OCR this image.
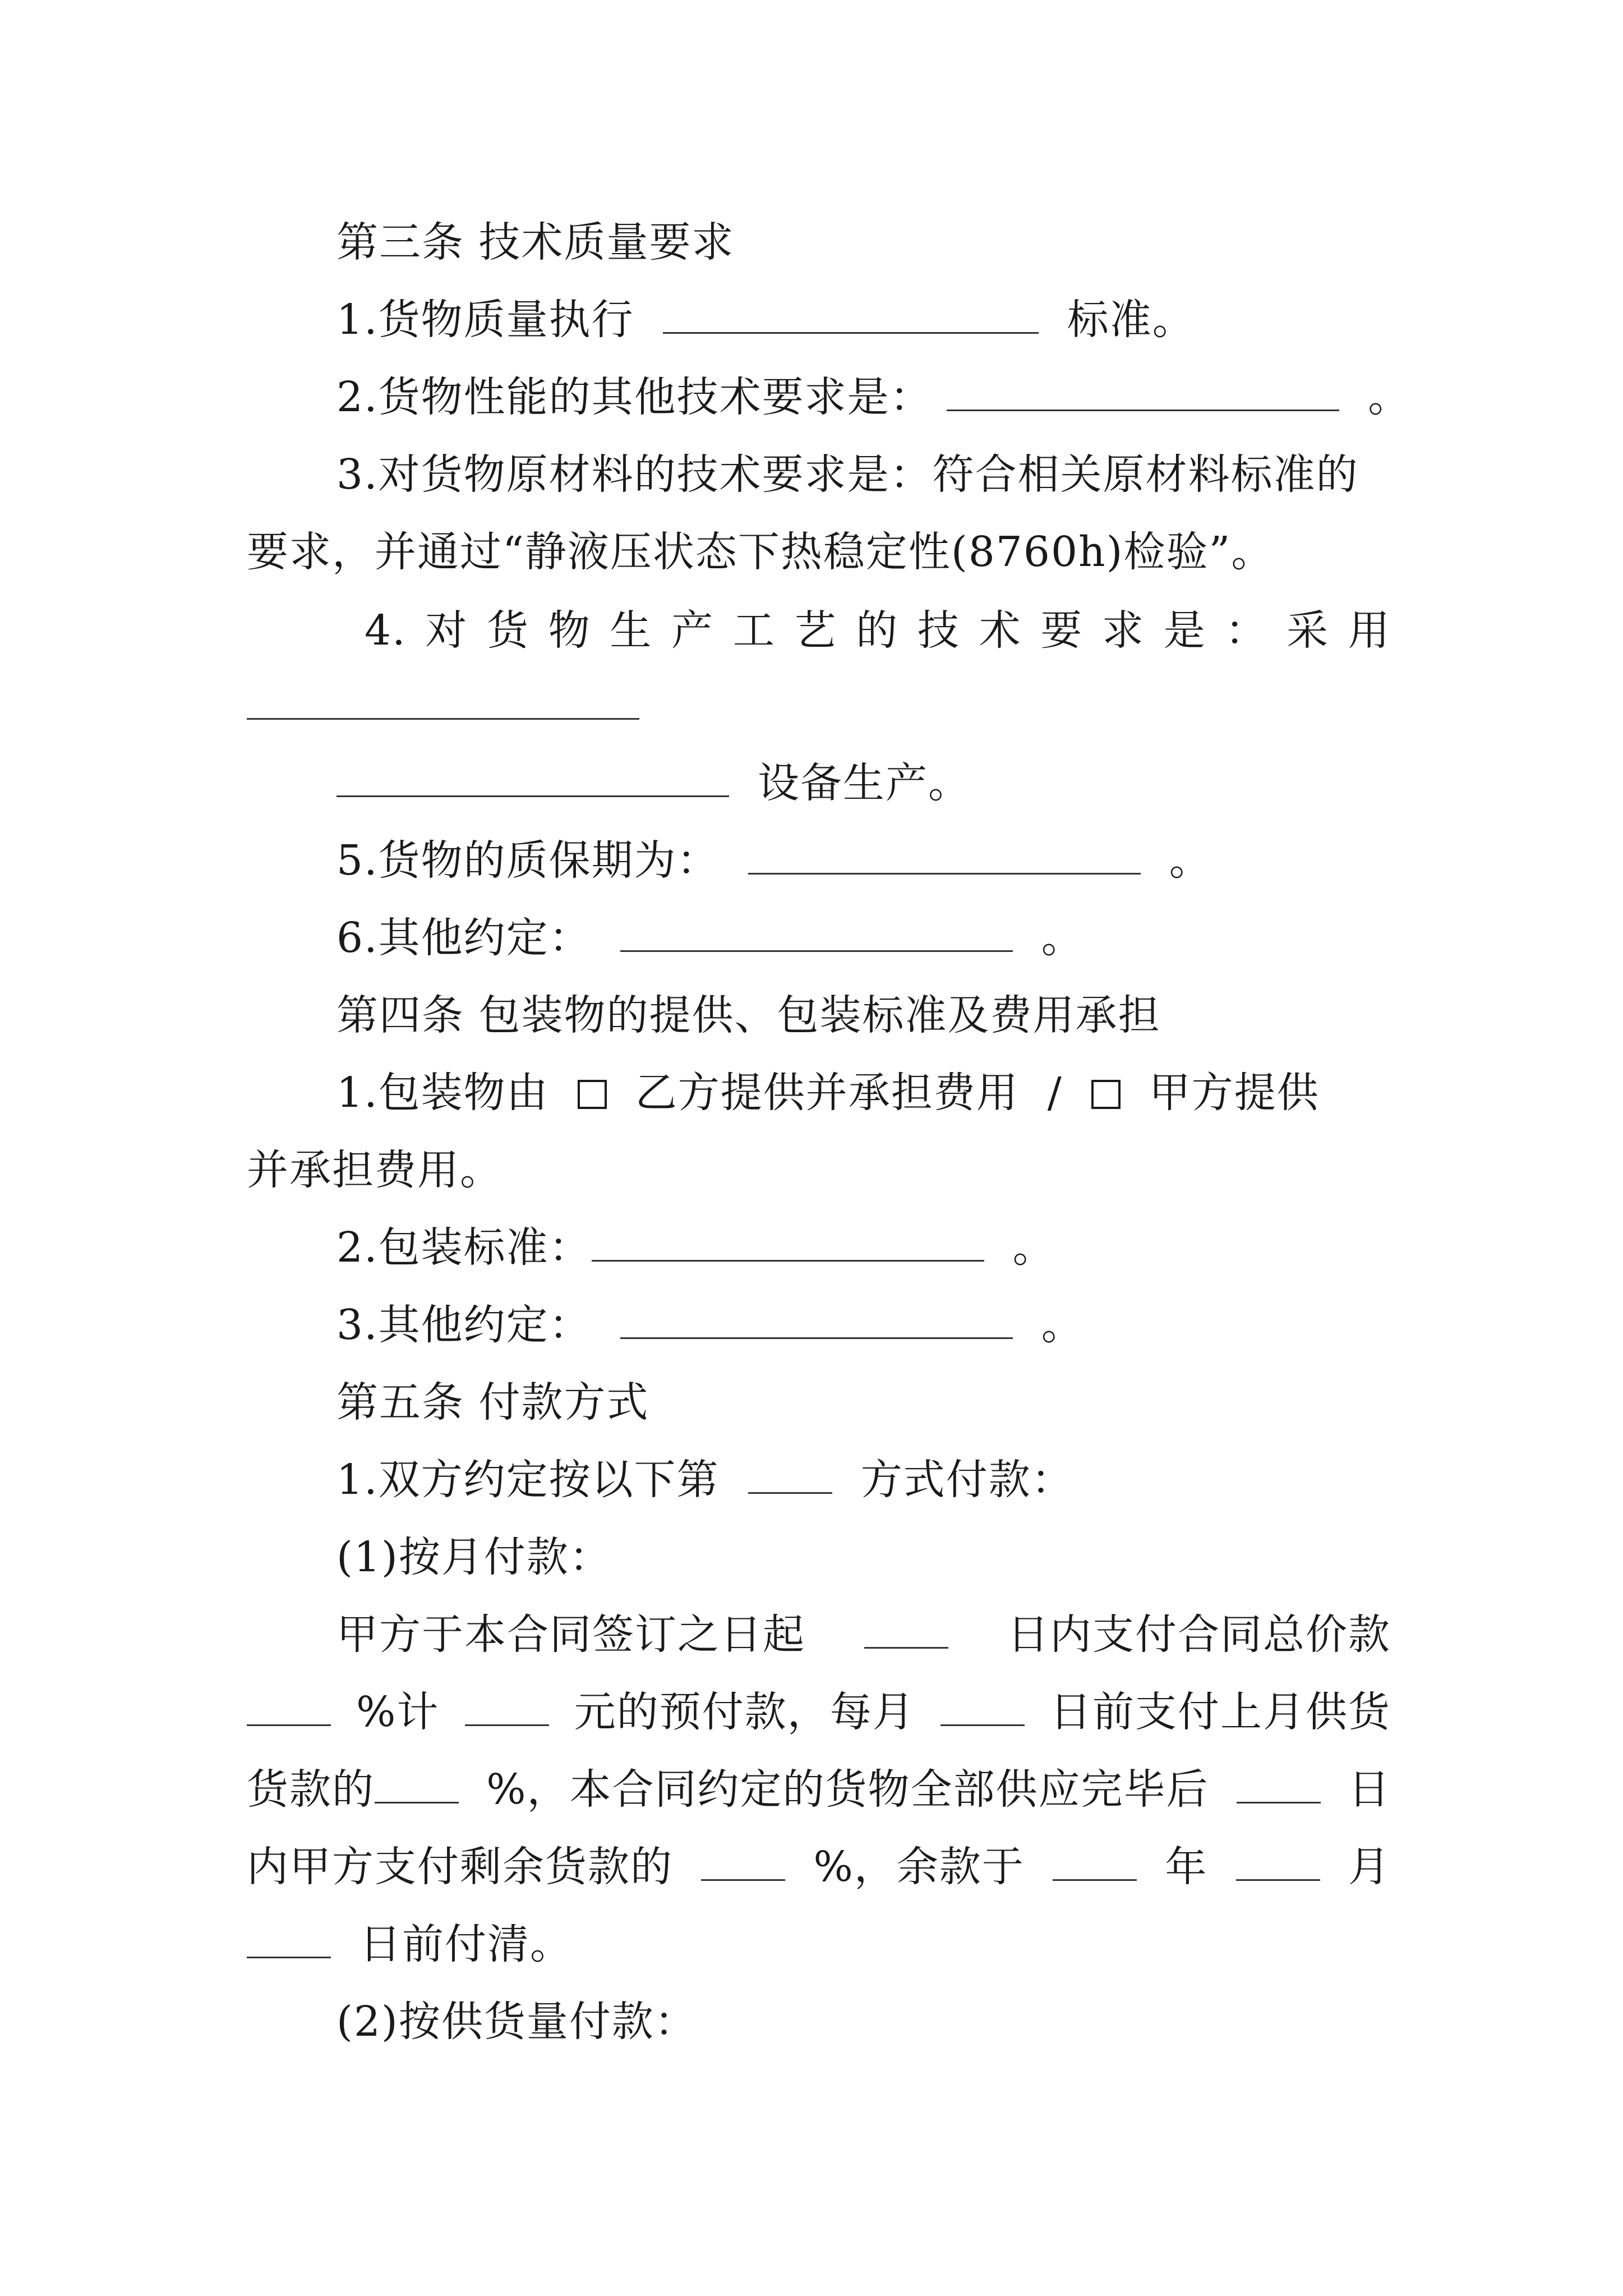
第三条 技术质量要求
1.货物质量执行	标准。
2.货物性能的其他技术要求是：	。
3.对货物原材料的技术要求是：符合相关原材料标准的
要求，并通过“静液压状态下热稳定性(8760h)检验”。
4. 对 货 物 生 产 工 艺 的 技 术 要 求 是 ： 采 用
设备生产。
5.货物的质保期为：	。
6.其他约定：	。
第四条 包装物的提供、包装标准及费用承担
1.包装物由 乙方提供并承担费用 / 甲方提供
并承担费用。
2.包装标准：	。
3.其他约定：	。
第五条 付款方式
1.双方约定按以下第	方式付款：
(1)按月付款：
甲方于本合同签订之日起	日内支付合同总价款
%计	元的预付款，每月	日前支付上月供货
货款的	%，本合同约定的货物全部供应完毕后	日
内甲方支付剩余货款的	%，余款于	年	月
日前付清。
(2)按供货量付款：
